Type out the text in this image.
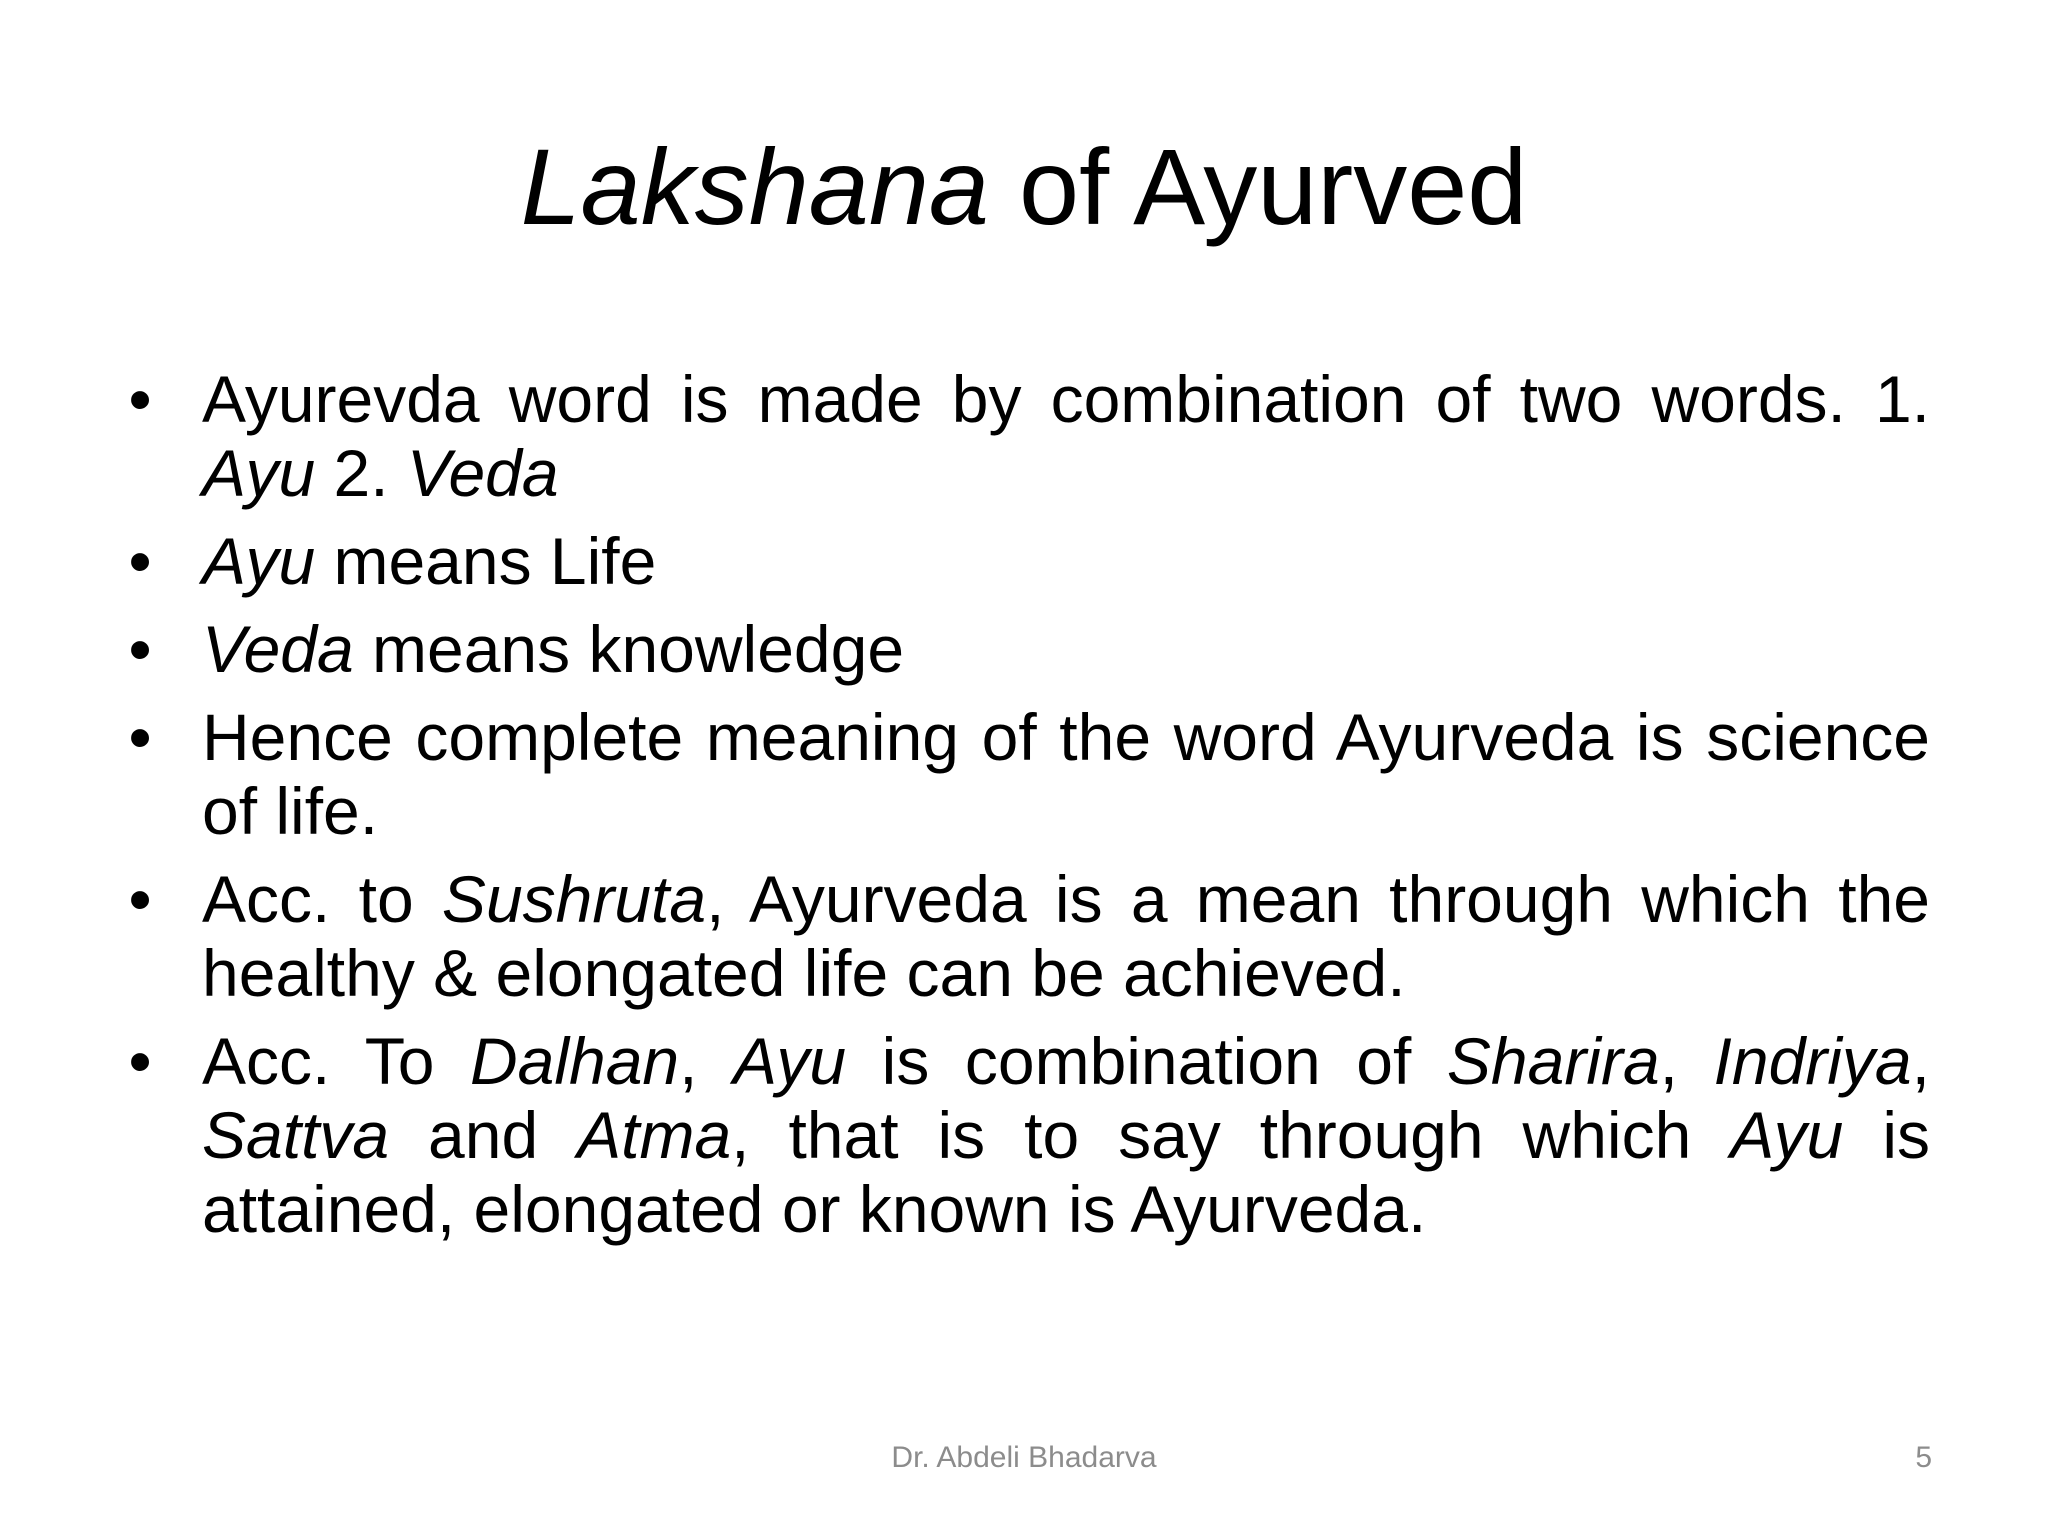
Lakshana of Ayurved
• Ayurevda word is made by combination of two words. 1. Ayu 2. Veda
• Ayu means Life
• Veda means knowledge
• Hence complete meaning of the word Ayurveda is science of life.
• Acc. to Sushruta, Ayurveda is a mean through which the healthy & elongated life can be achieved.
• Acc. To Dalhan, Ayu is combination of Sharira, Indriya, Sattva and Atma, that is to say through which Ayu is attained, elongated or known is Ayurveda.
Dr. Abdeli Bhadarva	5
